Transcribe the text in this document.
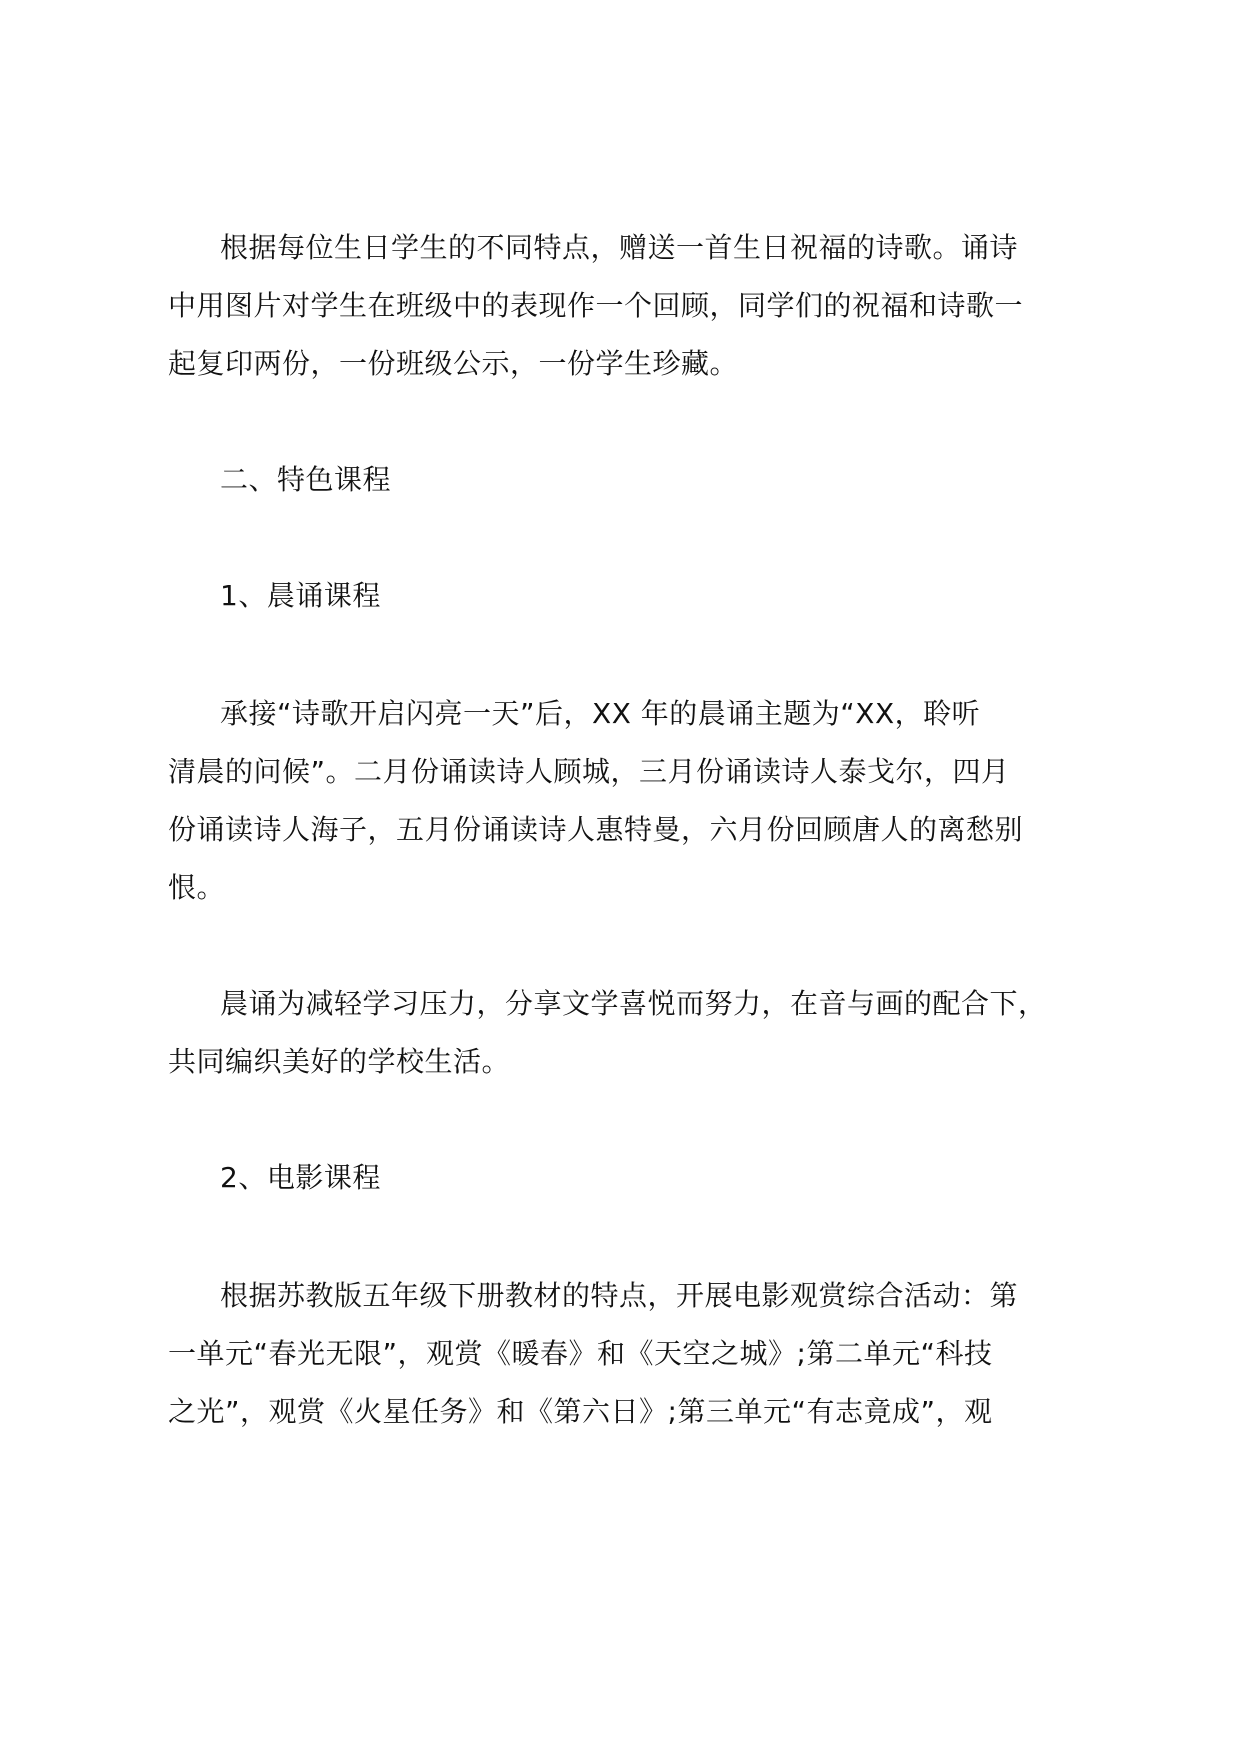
根据每位生日学生的不同特点，赠送一首生日祝福的诗歌。诵诗
中用图片对学生在班级中的表现作一个回顾，同学们的祝福和诗歌一
起复印两份，一份班级公示，一份学生珍藏。
二、特色课程
1、晨诵课程
承接“诗歌开启闪亮一天”后，XX 年的晨诵主题为“XX，聆听
清晨的问候”。二月份诵读诗人顾城，三月份诵读诗人泰戈尔，四月
份诵读诗人海子，五月份诵读诗人惠特曼，六月份回顾唐人的离愁别
恨。
晨诵为减轻学习压力，分享文学喜悦而努力，在音与画的配合下，
共同编织美好的学校生活。
2、电影课程
根据苏教版五年级下册教材的特点，开展电影观赏综合活动：第
一单元“春光无限”，观赏《暖春》和《天空之城》;第二单元“科技
之光”，观赏《火星任务》和《第六日》;第三单元“有志竟成”，观
